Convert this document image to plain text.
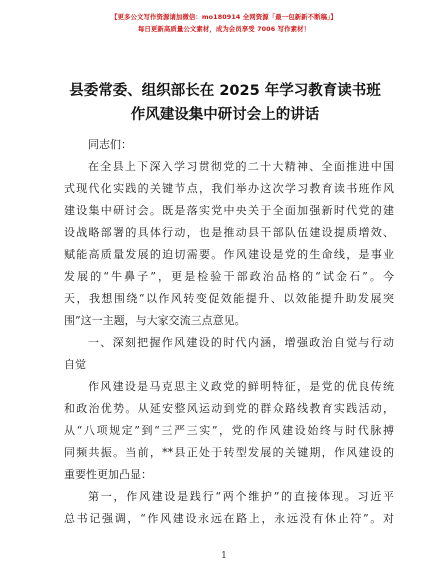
【更多公文写作资源请加微信：mo180914 全网资源「最一包新新不断稿」】
每日更新高质量公文素材，成为会员享受 7006 写作素材！
县委常委、组织部长在 2025 年学习教育读书班
作风建设集中研讨会上的讲话
同志们：
在全县上下深入学习贯彻党的二十大精神、全面推进中国
式现代化实践的关键节点，我们举办这次学习教育读书班作风
建设集中研讨会。既是落实党中央关于全面加强新时代党的建
设战略部署的具体行动，也是推动县干部队伍建设提质增效、
赋能高质量发展的迫切需要。作风建设是党的生命线，是事业
发展的“牛鼻子”，更是检验干部政治品格的“试金石”。今
天，我想围绕“以作风转变促效能提升、以效能提升助发展突
围”这一主题，与大家交流三点意见。
一、深刻把握作风建设的时代内涵，增强政治自觉与行动
自觉
作风建设是马克思主义政党的鲜明特征，是党的优良传统
和政治优势。从延安整风运动到党的群众路线教育实践活动，
从“八项规定”到“三严三实”，党的作风建设始终与时代脉搏
同频共振。当前，**县正处于转型发展的关键期，作风建设的
重要性更加凸显：
第一，作风建设是践行“两个维护”的直接体现。习近平
总书记强调，“作风建设永远在路上，永远没有休止符”。对
1
